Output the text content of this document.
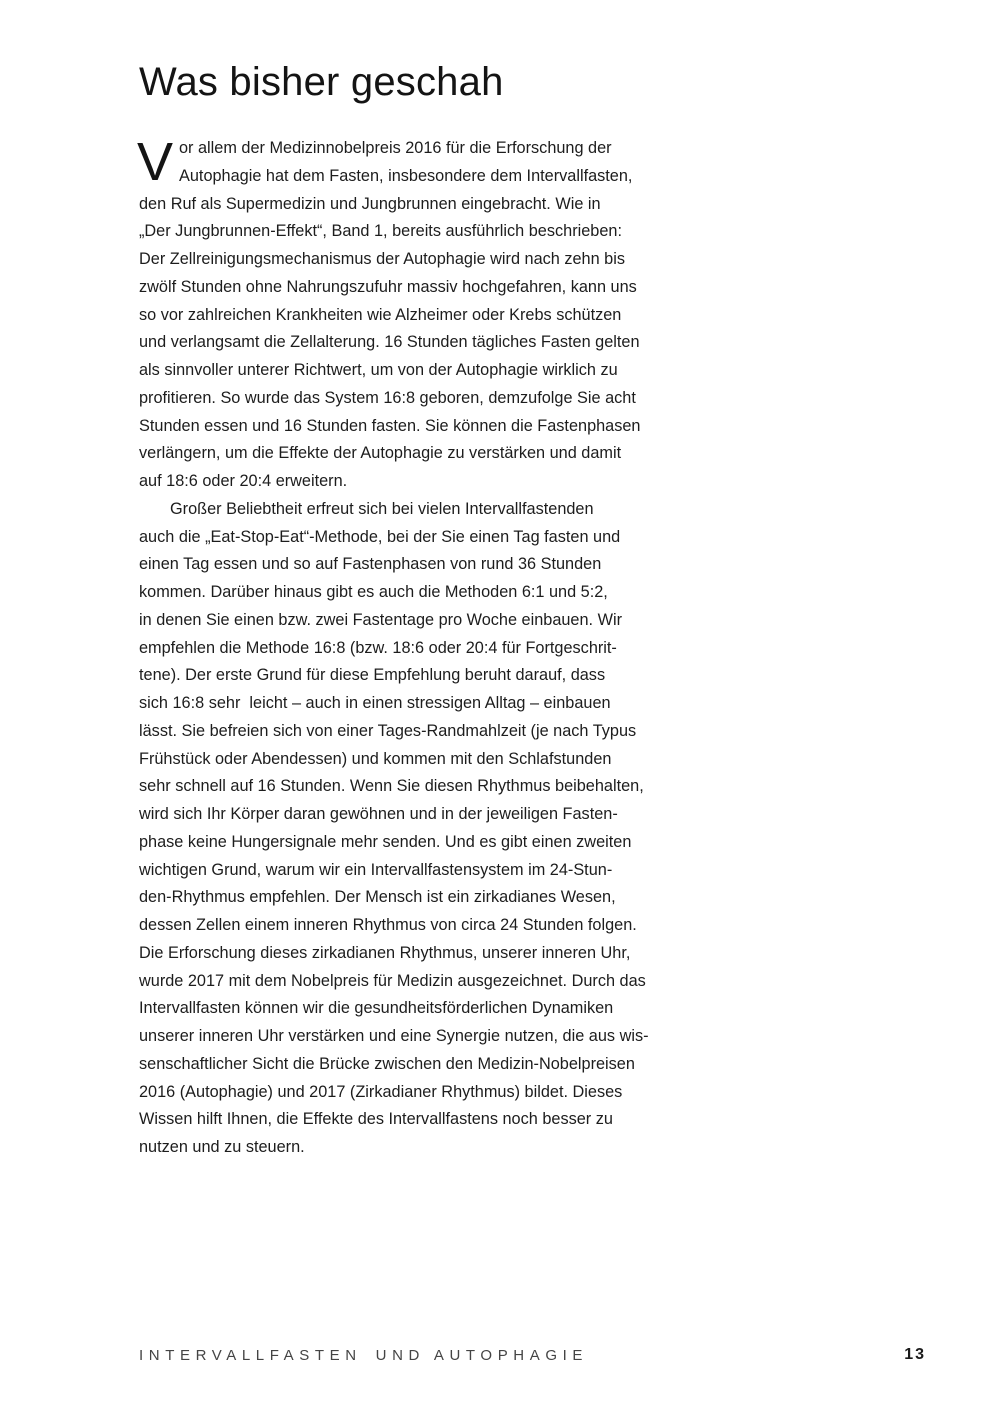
Was bisher geschah
V or allem der Medizinnobelpreis 2016 für die Erforschung der
Autophagie hat dem Fasten, insbesondere dem Intervallfasten,
den Ruf als Supermedizin und Jungbrunnen eingebracht. Wie in
„Der Jungbrunnen-Effekt“, Band 1, bereits ausführlich beschrieben:
Der Zellreinigungsmechanismus der Autophagie wird nach zehn bis
zwölf Stunden ohne Nahrungszufuhr massiv hochgefahren, kann uns
so vor zahlreichen Krankheiten wie Alzheimer oder Krebs schützen
und verlangsamt die Zellalterung. 16 Stunden tägliches Fasten gelten
als sinnvoller unterer Richtwert, um von der Autophagie wirklich zu
profitieren. So wurde das System 16:8 geboren, demzufolge Sie acht
Stunden essen und 16 Stunden fasten. Sie können die Fastenphasen
verlängern, um die Effekte der Autophagie zu verstärken und damit
auf 18:6 oder 20:4 erweitern.
Großer Beliebtheit erfreut sich bei vielen Intervallfastenden
auch die „Eat-Stop-Eat“-Methode, bei der Sie einen Tag fasten und
einen Tag essen und so auf Fastenphasen von rund 36 Stunden
kommen. Darüber hinaus gibt es auch die Methoden 6:1 und 5:2,
in denen Sie einen bzw. zwei Fastentage pro Woche einbauen. Wir
empfehlen die Methode 16:8 (bzw. 18:6 oder 20:4 für Fortgeschrit-
tene). Der erste Grund für diese Empfehlung beruht darauf, dass
sich 16:8 sehr  leicht – auch in einen stressigen Alltag – einbauen
lässt. Sie befreien sich von einer Tages-Randmahlzeit (je nach Typus
Frühstück oder Abendessen) und kommen mit den Schlafstunden
sehr schnell auf 16 Stunden. Wenn Sie diesen Rhythmus beibehalten,
wird sich Ihr Körper daran gewöhnen und in der jeweiligen Fasten-
phase keine Hungersignale mehr senden. Und es gibt einen zweiten
wichtigen Grund, warum wir ein Intervallfastensystem im 24-Stun-
den-Rhythmus empfehlen. Der Mensch ist ein zirkadianes Wesen,
dessen Zellen einem inneren Rhythmus von circa 24 Stunden folgen.
Die Erforschung dieses zirkadianen Rhythmus, unserer inneren Uhr,
wurde 2017 mit dem Nobelpreis für Medizin ausgezeichnet. Durch das
Intervallfasten können wir die gesundheitsförderlichen Dynamiken
unserer inneren Uhr verstärken und eine Synergie nutzen, die aus wis-
senschaftlicher Sicht die Brücke zwischen den Medizin-Nobelpreisen
2016 (Autophagie) und 2017 (Zirkadianer Rhythmus) bildet. Dieses
Wissen hilft Ihnen, die Effekte des Intervallfastens noch besser zu
nutzen und zu steuern.
INTERVALLFASTEN UND AUTOPHAGIE	13
